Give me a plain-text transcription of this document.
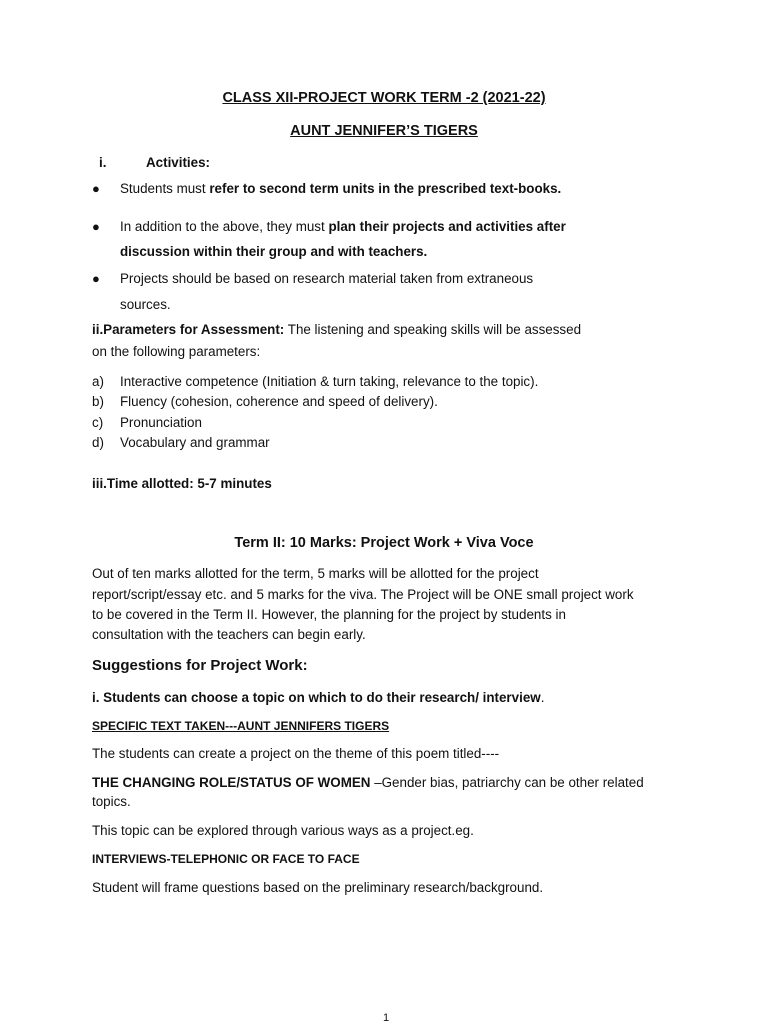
CLASS XII-PROJECT WORK TERM -2 (2021-22)
AUNT JENNIFER’S TIGERS
i.	Activities:
● Students must refer to second term units in the prescribed text-books.
● In addition to the above, they must plan their projects and activities after
discussion within their group and with teachers.
● Projects should be based on research material taken from extraneous
sources.
ii.Parameters for Assessment: The listening and speaking skills will be assessed
on the following parameters:
a) Interactive competence (Initiation & turn taking, relevance to the topic).
b) Fluency (cohesion, coherence and speed of delivery).
c) Pronunciation
d) Vocabulary and grammar
iii.Time allotted: 5-7 minutes
Term II: 10 Marks: Project Work + Viva Voce
Out of ten marks allotted for the term, 5 marks will be allotted for the project
report/script/essay etc. and 5 marks for the viva. The Project will be ONE small project work
to be covered in the Term II. However, the planning for the project by students in
consultation with the teachers can begin early.
Suggestions for Project Work:
i. Students can choose a topic on which to do their research/ interview.
SPECIFIC TEXT TAKEN---AUNT JENNIFERS TIGERS
The students can create a project on the theme of this poem titled----
THE CHANGING ROLE/STATUS OF WOMEN –Gender bias, patriarchy can be other related
topics.
This topic can be explored through various ways as a project.eg.
INTERVIEWS-TELEPHONIC OR FACE TO FACE
Student will frame questions based on the preliminary research/background.
1
